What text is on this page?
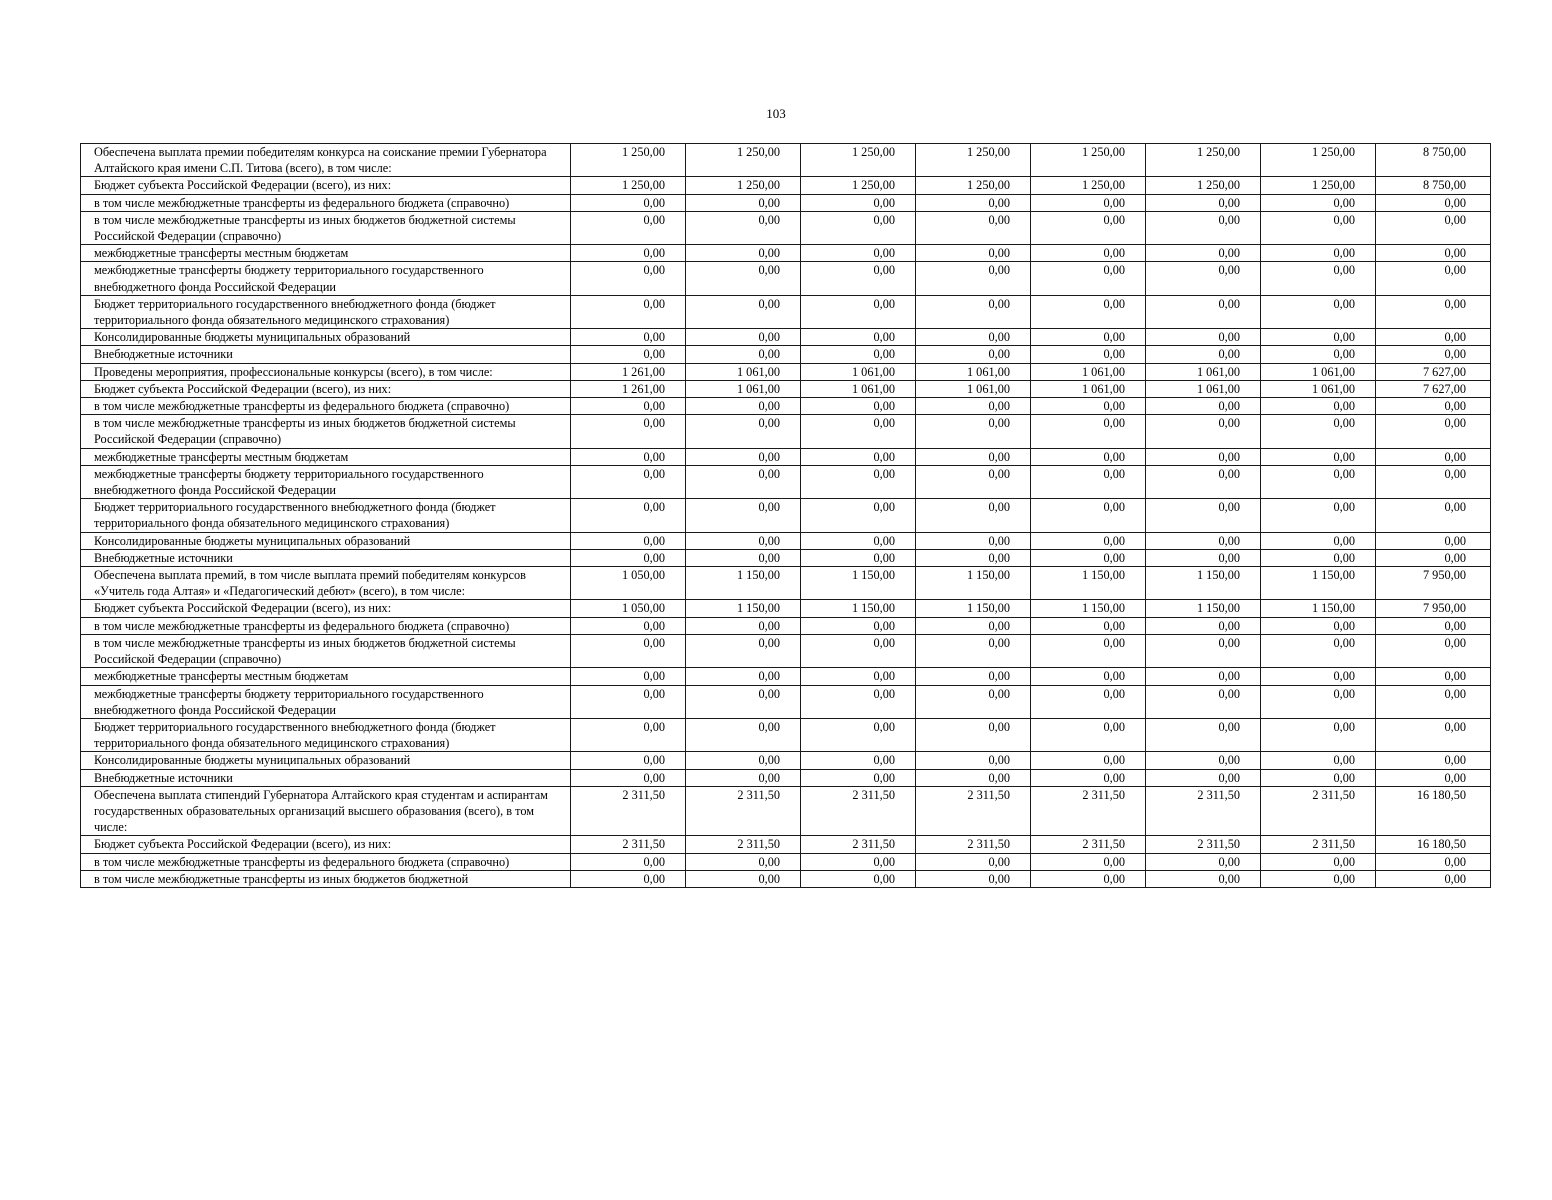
103
Обеспечена выплата премии победителям конкурса на соискание премии Губернатора Алтайского края имени С.П. Титова (всего), в том числе:	1 250,00	1 250,00	1 250,00	1 250,00	1 250,00	1 250,00	1 250,00	8 750,00
Бюджет субъекта Российской Федерации (всего), из них:	1 250,00	1 250,00	1 250,00	1 250,00	1 250,00	1 250,00	1 250,00	8 750,00
в том числе межбюджетные трансферты из федерального бюджета (справочно)	0,00	0,00	0,00	0,00	0,00	0,00	0,00	0,00
в том числе межбюджетные трансферты из иных бюджетов бюджетной системы Российской Федерации (справочно)	0,00	0,00	0,00	0,00	0,00	0,00	0,00	0,00
межбюджетные трансферты местным бюджетам	0,00	0,00	0,00	0,00	0,00	0,00	0,00	0,00
межбюджетные трансферты бюджету территориального государственного внебюджетного фонда Российской Федерации	0,00	0,00	0,00	0,00	0,00	0,00	0,00	0,00
Бюджет территориального государственного внебюджетного фонда (бюджет территориального фонда обязательного медицинского страхования)	0,00	0,00	0,00	0,00	0,00	0,00	0,00	0,00
Консолидированные бюджеты муниципальных образований	0,00	0,00	0,00	0,00	0,00	0,00	0,00	0,00
Внебюджетные источники	0,00	0,00	0,00	0,00	0,00	0,00	0,00	0,00
Проведены мероприятия, профессиональные конкурсы (всего), в том числе:	1 261,00	1 061,00	1 061,00	1 061,00	1 061,00	1 061,00	1 061,00	7 627,00
Бюджет субъекта Российской Федерации (всего), из них:	1 261,00	1 061,00	1 061,00	1 061,00	1 061,00	1 061,00	1 061,00	7 627,00
в том числе межбюджетные трансферты из федерального бюджета (справочно)	0,00	0,00	0,00	0,00	0,00	0,00	0,00	0,00
в том числе межбюджетные трансферты из иных бюджетов бюджетной системы Российской Федерации (справочно)	0,00	0,00	0,00	0,00	0,00	0,00	0,00	0,00
межбюджетные трансферты местным бюджетам	0,00	0,00	0,00	0,00	0,00	0,00	0,00	0,00
межбюджетные трансферты бюджету территориального государственного внебюджетного фонда Российской Федерации	0,00	0,00	0,00	0,00	0,00	0,00	0,00	0,00
Бюджет территориального государственного внебюджетного фонда (бюджет территориального фонда обязательного медицинского страхования)	0,00	0,00	0,00	0,00	0,00	0,00	0,00	0,00
Консолидированные бюджеты муниципальных образований	0,00	0,00	0,00	0,00	0,00	0,00	0,00	0,00
Внебюджетные источники	0,00	0,00	0,00	0,00	0,00	0,00	0,00	0,00
Обеспечена выплата премий, в том числе выплата премий победителям конкурсов «Учитель года Алтая» и «Педагогический дебют» (всего), в том числе:	1 050,00	1 150,00	1 150,00	1 150,00	1 150,00	1 150,00	1 150,00	7 950,00
Бюджет субъекта Российской Федерации (всего), из них:	1 050,00	1 150,00	1 150,00	1 150,00	1 150,00	1 150,00	1 150,00	7 950,00
в том числе межбюджетные трансферты из федерального бюджета (справочно)	0,00	0,00	0,00	0,00	0,00	0,00	0,00	0,00
в том числе межбюджетные трансферты из иных бюджетов бюджетной системы Российской Федерации (справочно)	0,00	0,00	0,00	0,00	0,00	0,00	0,00	0,00
межбюджетные трансферты местным бюджетам	0,00	0,00	0,00	0,00	0,00	0,00	0,00	0,00
межбюджетные трансферты бюджету территориального государственного внебюджетного фонда Российской Федерации	0,00	0,00	0,00	0,00	0,00	0,00	0,00	0,00
Бюджет территориального государственного внебюджетного фонда (бюджет территориального фонда обязательного медицинского страхования)	0,00	0,00	0,00	0,00	0,00	0,00	0,00	0,00
Консолидированные бюджеты муниципальных образований	0,00	0,00	0,00	0,00	0,00	0,00	0,00	0,00
Внебюджетные источники	0,00	0,00	0,00	0,00	0,00	0,00	0,00	0,00
Обеспечена выплата стипендий Губернатора Алтайского края студентам и аспирантам государственных образовательных организаций высшего образования (всего), в том числе:	2 311,50	2 311,50	2 311,50	2 311,50	2 311,50	2 311,50	2 311,50	16 180,50
Бюджет субъекта Российской Федерации (всего), из них:	2 311,50	2 311,50	2 311,50	2 311,50	2 311,50	2 311,50	2 311,50	16 180,50
в том числе межбюджетные трансферты из федерального бюджета (справочно)	0,00	0,00	0,00	0,00	0,00	0,00	0,00	0,00
в том числе межбюджетные трансферты из иных бюджетов бюджетной	0,00	0,00	0,00	0,00	0,00	0,00	0,00	0,00
